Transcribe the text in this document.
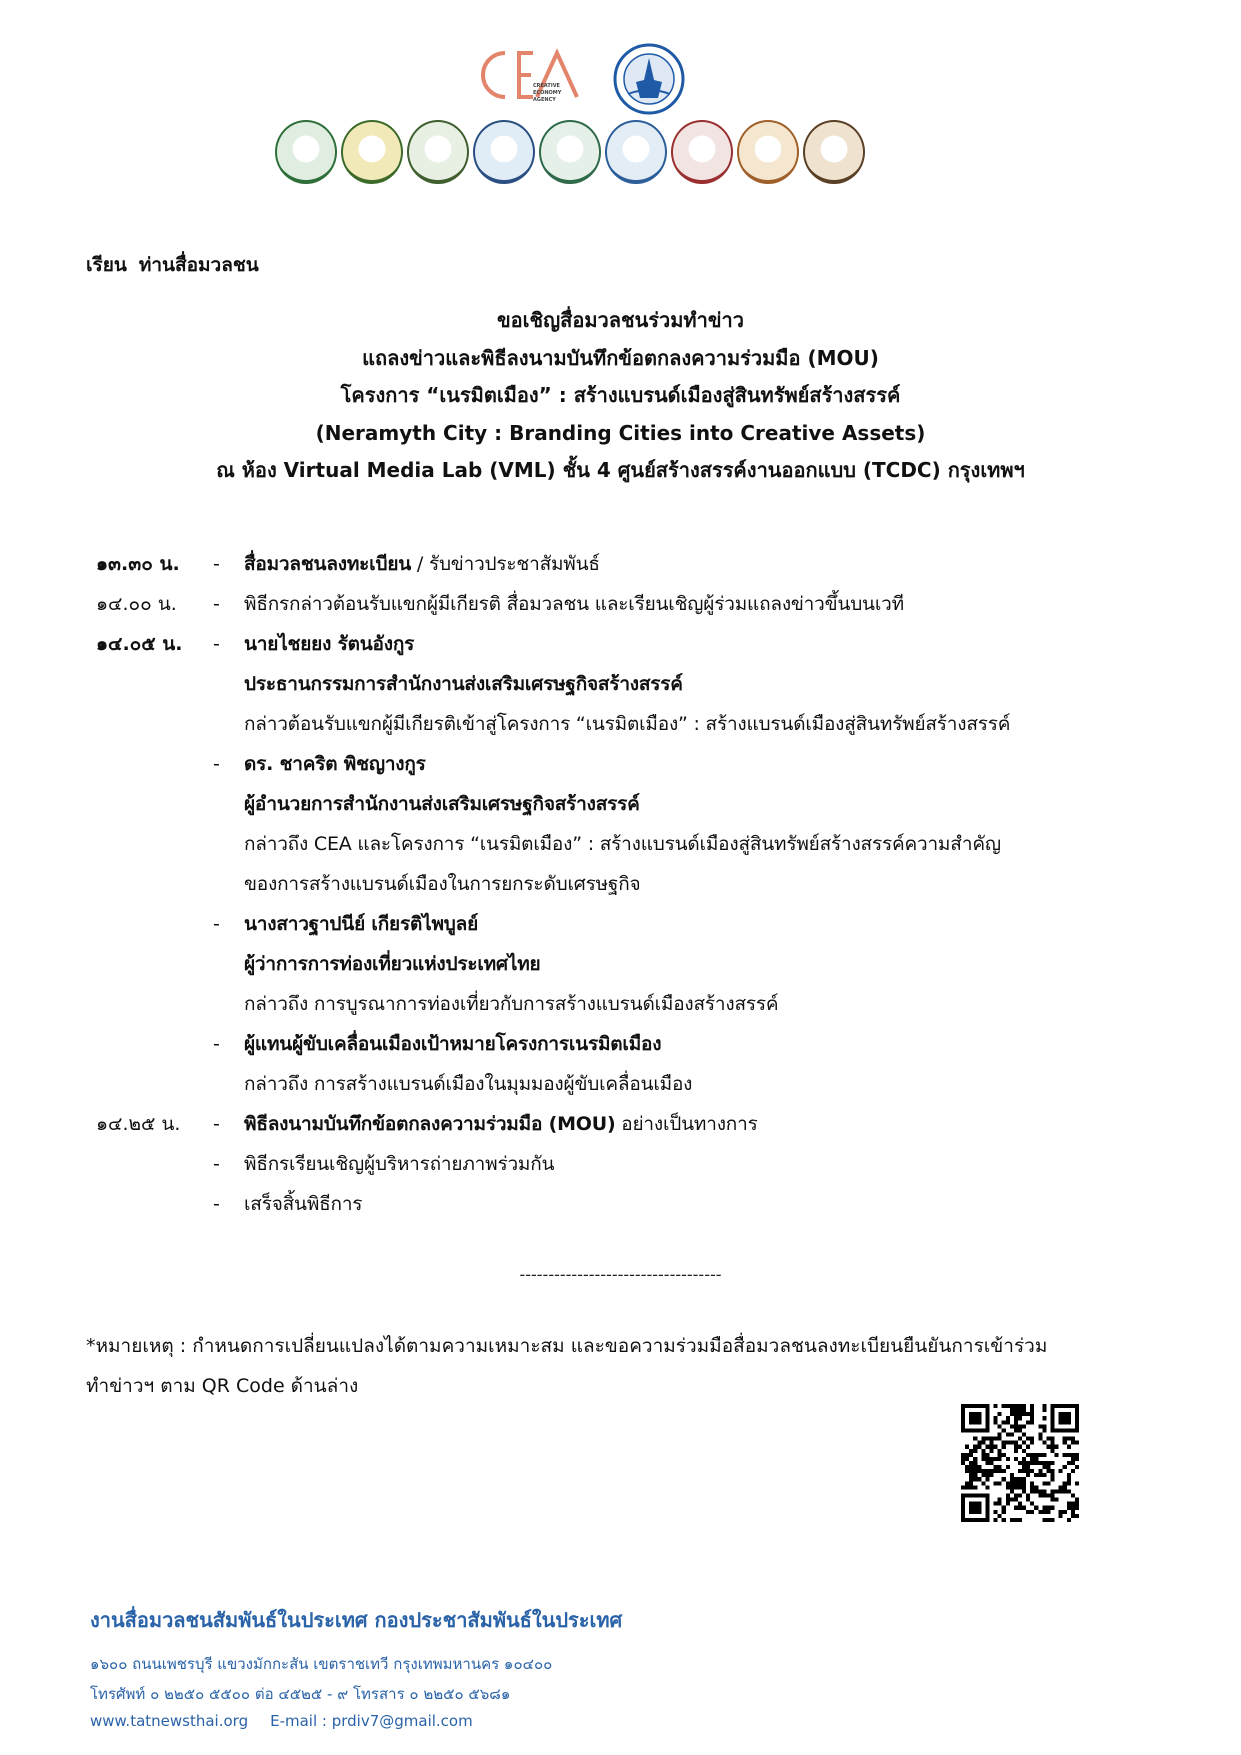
CREATIVE
ECONOMY
AGENCY
เรียน ท่านสื่อมวลชน
ขอเชิญสื่อมวลชนร่วมทำข่าว
แถลงข่าวและพิธีลงนามบันทึกข้อตกลงความร่วมมือ (MOU)
โครงการ “เนรมิตเมือง” : สร้างแบรนด์เมืองสู่สินทรัพย์สร้างสรรค์
(Neramyth City : Branding Cities into Creative Assets)
ณ ห้อง Virtual Media Lab (VML) ชั้น 4 ศูนย์สร้างสรรค์งานออกแบบ (TCDC) กรุงเทพฯ
๑๓.๓๐ น. - สื่อมวลชนลงทะเบียน / รับข่าวประชาสัมพันธ์
๑๔.๐๐ น. - พิธีกรกล่าวต้อนรับแขกผู้มีเกียรติ สื่อมวลชน และเรียนเชิญผู้ร่วมแถลงข่าวขึ้นบนเวที
๑๔.๐๕ น. - นายไชยยง รัตนอังกูร
ประธานกรรมการสำนักงานส่งเสริมเศรษฐกิจสร้างสรรค์
กล่าวต้อนรับแขกผู้มีเกียรติเข้าสู่โครงการ “เนรมิตเมือง” : สร้างแบรนด์เมืองสู่สินทรัพย์สร้างสรรค์
- ดร. ชาคริต พิชญางกูร
ผู้อำนวยการสำนักงานส่งเสริมเศรษฐกิจสร้างสรรค์
กล่าวถึง CEA และโครงการ “เนรมิตเมือง” : สร้างแบรนด์เมืองสู่สินทรัพย์สร้างสรรค์ความสำคัญ
ของการสร้างแบรนด์เมืองในการยกระดับเศรษฐกิจ
- นางสาวฐาปนีย์ เกียรติไพบูลย์
ผู้ว่าการการท่องเที่ยวแห่งประเทศไทย
กล่าวถึง การบูรณาการท่องเที่ยวกับการสร้างแบรนด์เมืองสร้างสรรค์
- ผู้แทนผู้ขับเคลื่อนเมืองเป้าหมายโครงการเนรมิตเมือง
กล่าวถึง การสร้างแบรนด์เมืองในมุมมองผู้ขับเคลื่อนเมือง
๑๔.๒๕ น. - พิธีลงนามบันทึกข้อตกลงความร่วมมือ (MOU) อย่างเป็นทางการ
- พิธีกรเรียนเชิญผู้บริหารถ่ายภาพร่วมกัน
- เสร็จสิ้นพิธีการ
-----------------------------------
*หมายเหตุ : กำหนดการเปลี่ยนแปลงได้ตามความเหมาะสม และขอความร่วมมือสื่อมวลชนลงทะเบียนยืนยันการเข้าร่วม
ทำข่าวฯ ตาม QR Code ด้านล่าง
งานสื่อมวลชนสัมพันธ์ในประเทศ กองประชาสัมพันธ์ในประเทศ
๑๖๐๐ ถนนเพชรบุรี แขวงมักกะสัน เขตราชเทวี กรุงเทพมหานคร ๑๐๔๐๐
โทรศัพท์ ๐ ๒๒๕๐ ๕๕๐๐ ต่อ ๔๕๒๕ - ๙ โทรสาร ๐ ๒๒๕๐ ๕๖๘๑
www.tatnewsthai.org E-mail : prdiv7@gmail.com
